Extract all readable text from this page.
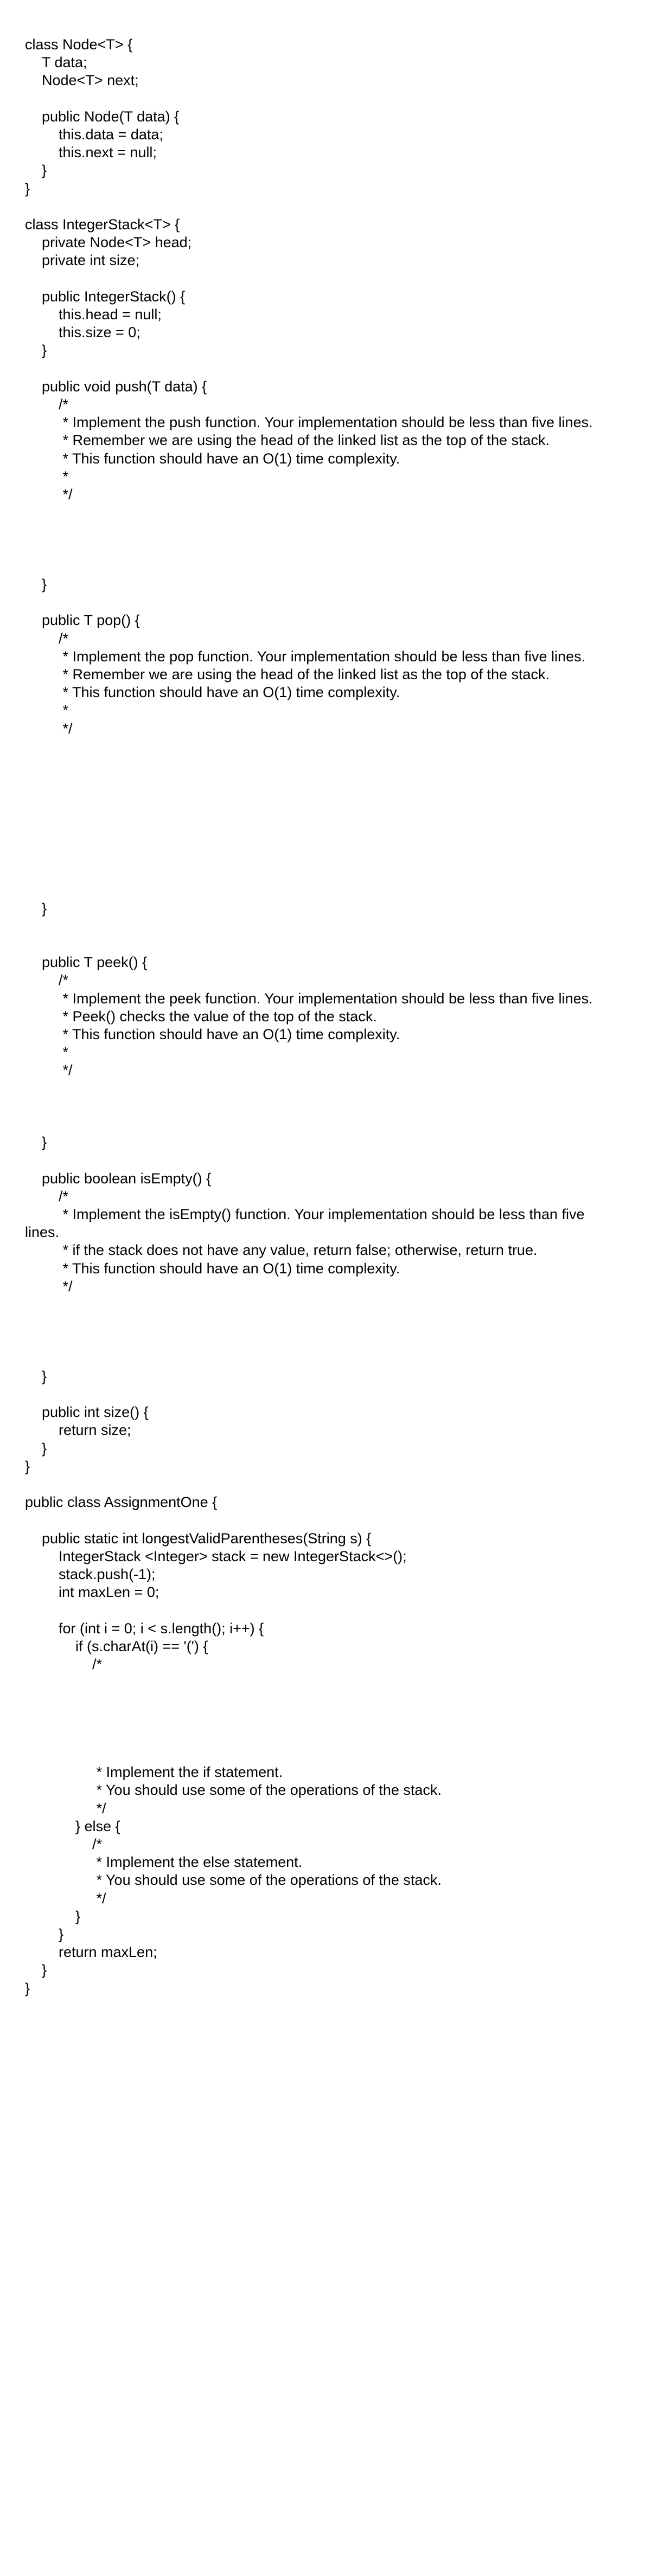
class Node<T> {
T data;
Node<T> next;
public Node(T data) {
this.data = data;
this.next = null;
}
}
class IntegerStack<T> {
private Node<T> head;
private int size;
public IntegerStack() {
this.head = null;
this.size = 0;
}
public void push(T data) {
/*
* Implement the push function. Your implementation should be less than five lines.
* Remember we are using the head of the linked list as the top of the stack.
* This function should have an O(1) time complexity.
*
*/
}
public T pop() {
/*
* Implement the pop function. Your implementation should be less than five lines.
* Remember we are using the head of the linked list as the top of the stack.
* This function should have an O(1) time complexity.
*
*/
}
public T peek() {
/*
* Implement the peek function. Your implementation should be less than five lines.
* Peek() checks the value of the top of the stack.
* This function should have an O(1) time complexity.
*
*/
}
public boolean isEmpty() {
/*
* Implement the isEmpty() function. Your implementation should be less than five
lines.
* if the stack does not have any value, return false; otherwise, return true.
* This function should have an O(1) time complexity.
*/
}
public int size() {
return size;
}
}
public class AssignmentOne {
public static int longestValidParentheses(String s) {
IntegerStack <Integer> stack = new IntegerStack<>();
stack.push(-1);
int maxLen = 0;
for (int i = 0; i < s.length(); i++) {
if (s.charAt(i) == '(') {
/*
* Implement the if statement.
* You should use some of the operations of the stack.
*/
} else {
/*
* Implement the else statement.
* You should use some of the operations of the stack.
*/
}
}
return maxLen;
}
}
